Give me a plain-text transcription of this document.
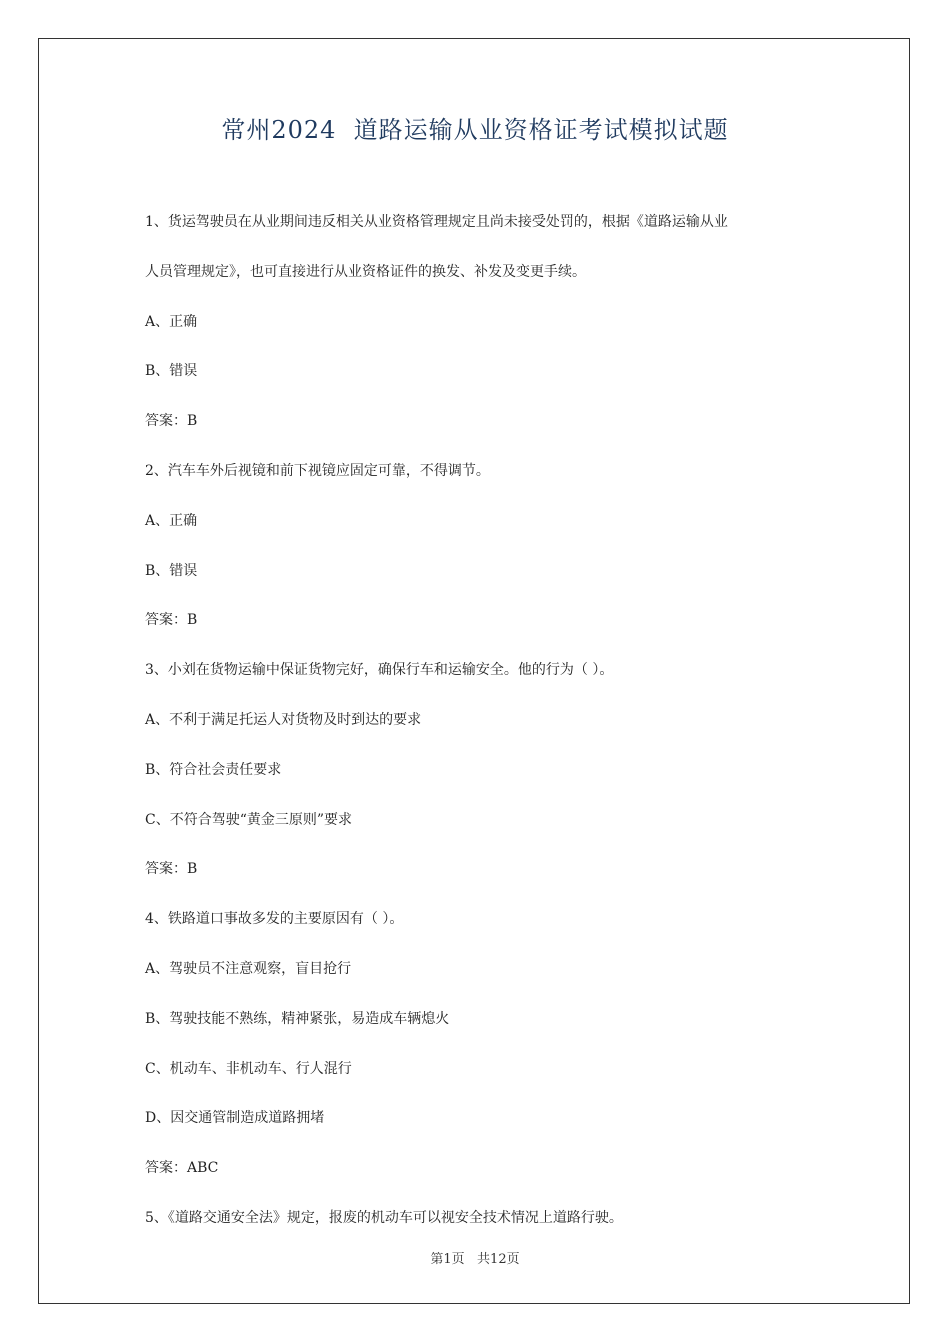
常州2024  道路运输从业资格证考试模拟试题
1、货运驾驶员在从业期间违反相关从业资格管理规定且尚未接受处罚的，根据《道路运输从业
人员管理规定》，也可直接进行从业资格证件的换发、补发及变更手续。
A、正确
B、错误
答案：B
2、汽车车外后视镜和前下视镜应固定可靠，不得调节。
A、正确
B、错误
答案：B
3、小刘在货物运输中保证货物完好，确保行车和运输安全。他的行为（ ）。
A、不利于满足托运人对货物及时到达的要求
B、符合社会责任要求
C、不符合驾驶“黄金三原则”要求
答案：B
4、铁路道口事故多发的主要原因有（ ）。
A、驾驶员不注意观察，盲目抢行
B、驾驶技能不熟练，精神紧张，易造成车辆熄火
C、机动车、非机动车、行人混行
D、因交通管制造成道路拥堵
答案：ABC
5、《道路交通安全法》规定，报废的机动车可以视安全技术情况上道路行驶。
第1页   共12页
